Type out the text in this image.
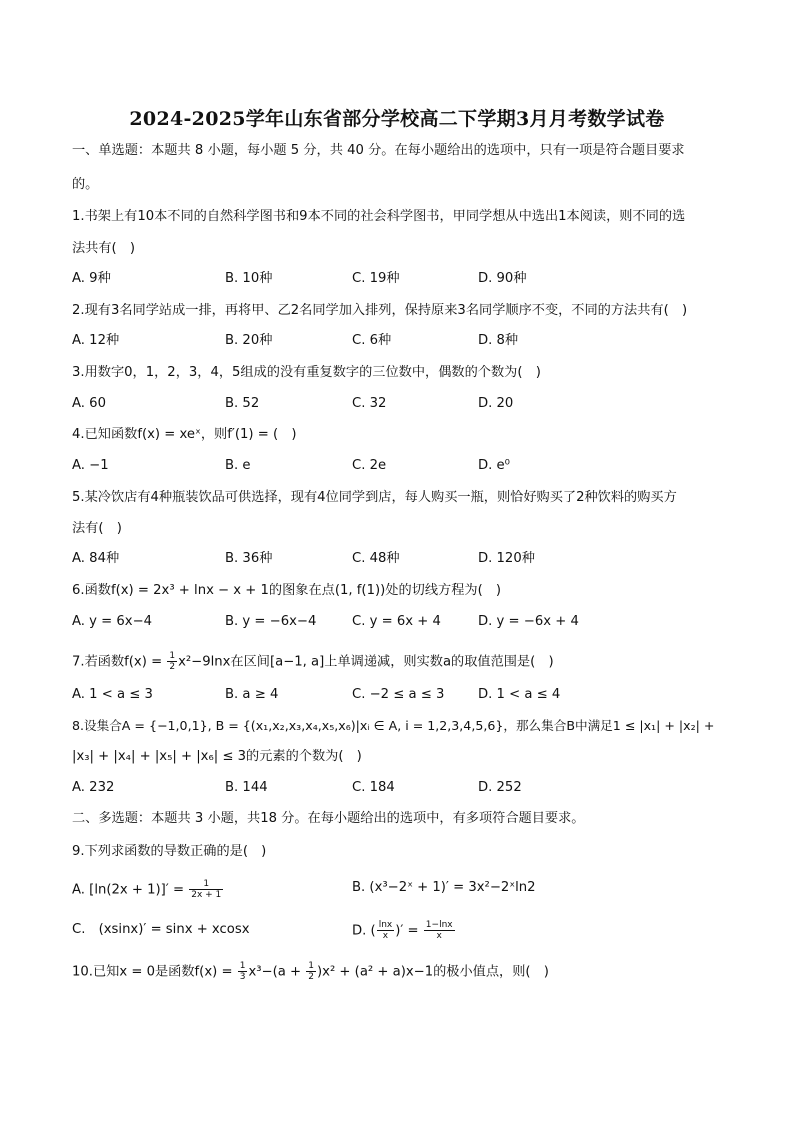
2024-2025学年山东省部分学校高二下学期3月月考数学试卷
一、单选题：本题共 8 小题，每小题 5 分，共 40 分。在每小题给出的选项中，只有一项是符合题目要求
的。
1.书架上有10本不同的自然科学图书和9本不同的社会科学图书，甲同学想从中选出1本阅读，则不同的选
法共有(　)
A. 9种	B. 10种	C. 19种	D. 90种
2.现有3名同学站成一排，再将甲、乙2名同学加入排列，保持原来3名同学顺序不变，不同的方法共有(　)
A. 12种	B. 20种	C. 6种	D. 8种
3.用数字0，1，2，3，4，5组成的没有重复数字的三位数中，偶数的个数为(　)
A. 60	B. 52	C. 32	D. 20
4.已知函数f(x) = xeˣ，则f′(1) = (　)
A. −1	B. e	C. 2e	D. e⁰
5.某冷饮店有4种瓶装饮品可供选择，现有4位同学到店，每人购买一瓶，则恰好购买了2种饮料的购买方
法有(　)
A. 84种	B. 36种	C. 48种	D. 120种
6.函数f(x) = 2x³ + lnx − x + 1的图象在点(1, f(1))处的切线方程为(　)
A. y = 6x−4	B. y = −6x−4	C. y = 6x + 4	D. y = −6x + 4
7.若函数$f(x) = \frac{1}{2} x^2-9\ln x$在区间[a−1, a]上单调递减，则实数a的取值范围是(　)
A. 1 < a ≤ 3	B. a ≥ 4	C. −2 ≤ a ≤ 3	D. 1 < a ≤ 4
8.设集合A = {−1,0,1}, B = {(x₁,x₂,x₃,x₄,x₅,x₆)|xᵢ ∈ A, i = 1,2,3,4,5,6}，那么集合B中满足1 ≤ |x₁| + |x₂| +
|x₃| + |x₄| + |x₅| + |x₆| ≤ 3的元素的个数为(　)
A. 232	B. 144	C. 184	D. 252
二、多选题：本题共 3 小题，共18 分。在每小题给出的选项中，有多项符合题目要求。
9.下列求函数的导数正确的是(　)
A. $[\ln(2x + 1)]' = \frac{1}{2x + 1}$	B. (x³−2ˣ + 1)′ = 3x²−2ˣln2
C.　(xsinx)′ = sinx + xcosx	D. ( $\frac{\ln x}{x}$ )′ = $\frac{1-\ln x}{x}$
10.已知x = 0是函数$f(x) = \frac{1}{3} x^3-(a + \frac{1}{2} )x^2 + (a^2 + a)x-1$的极小值点，则(　)
